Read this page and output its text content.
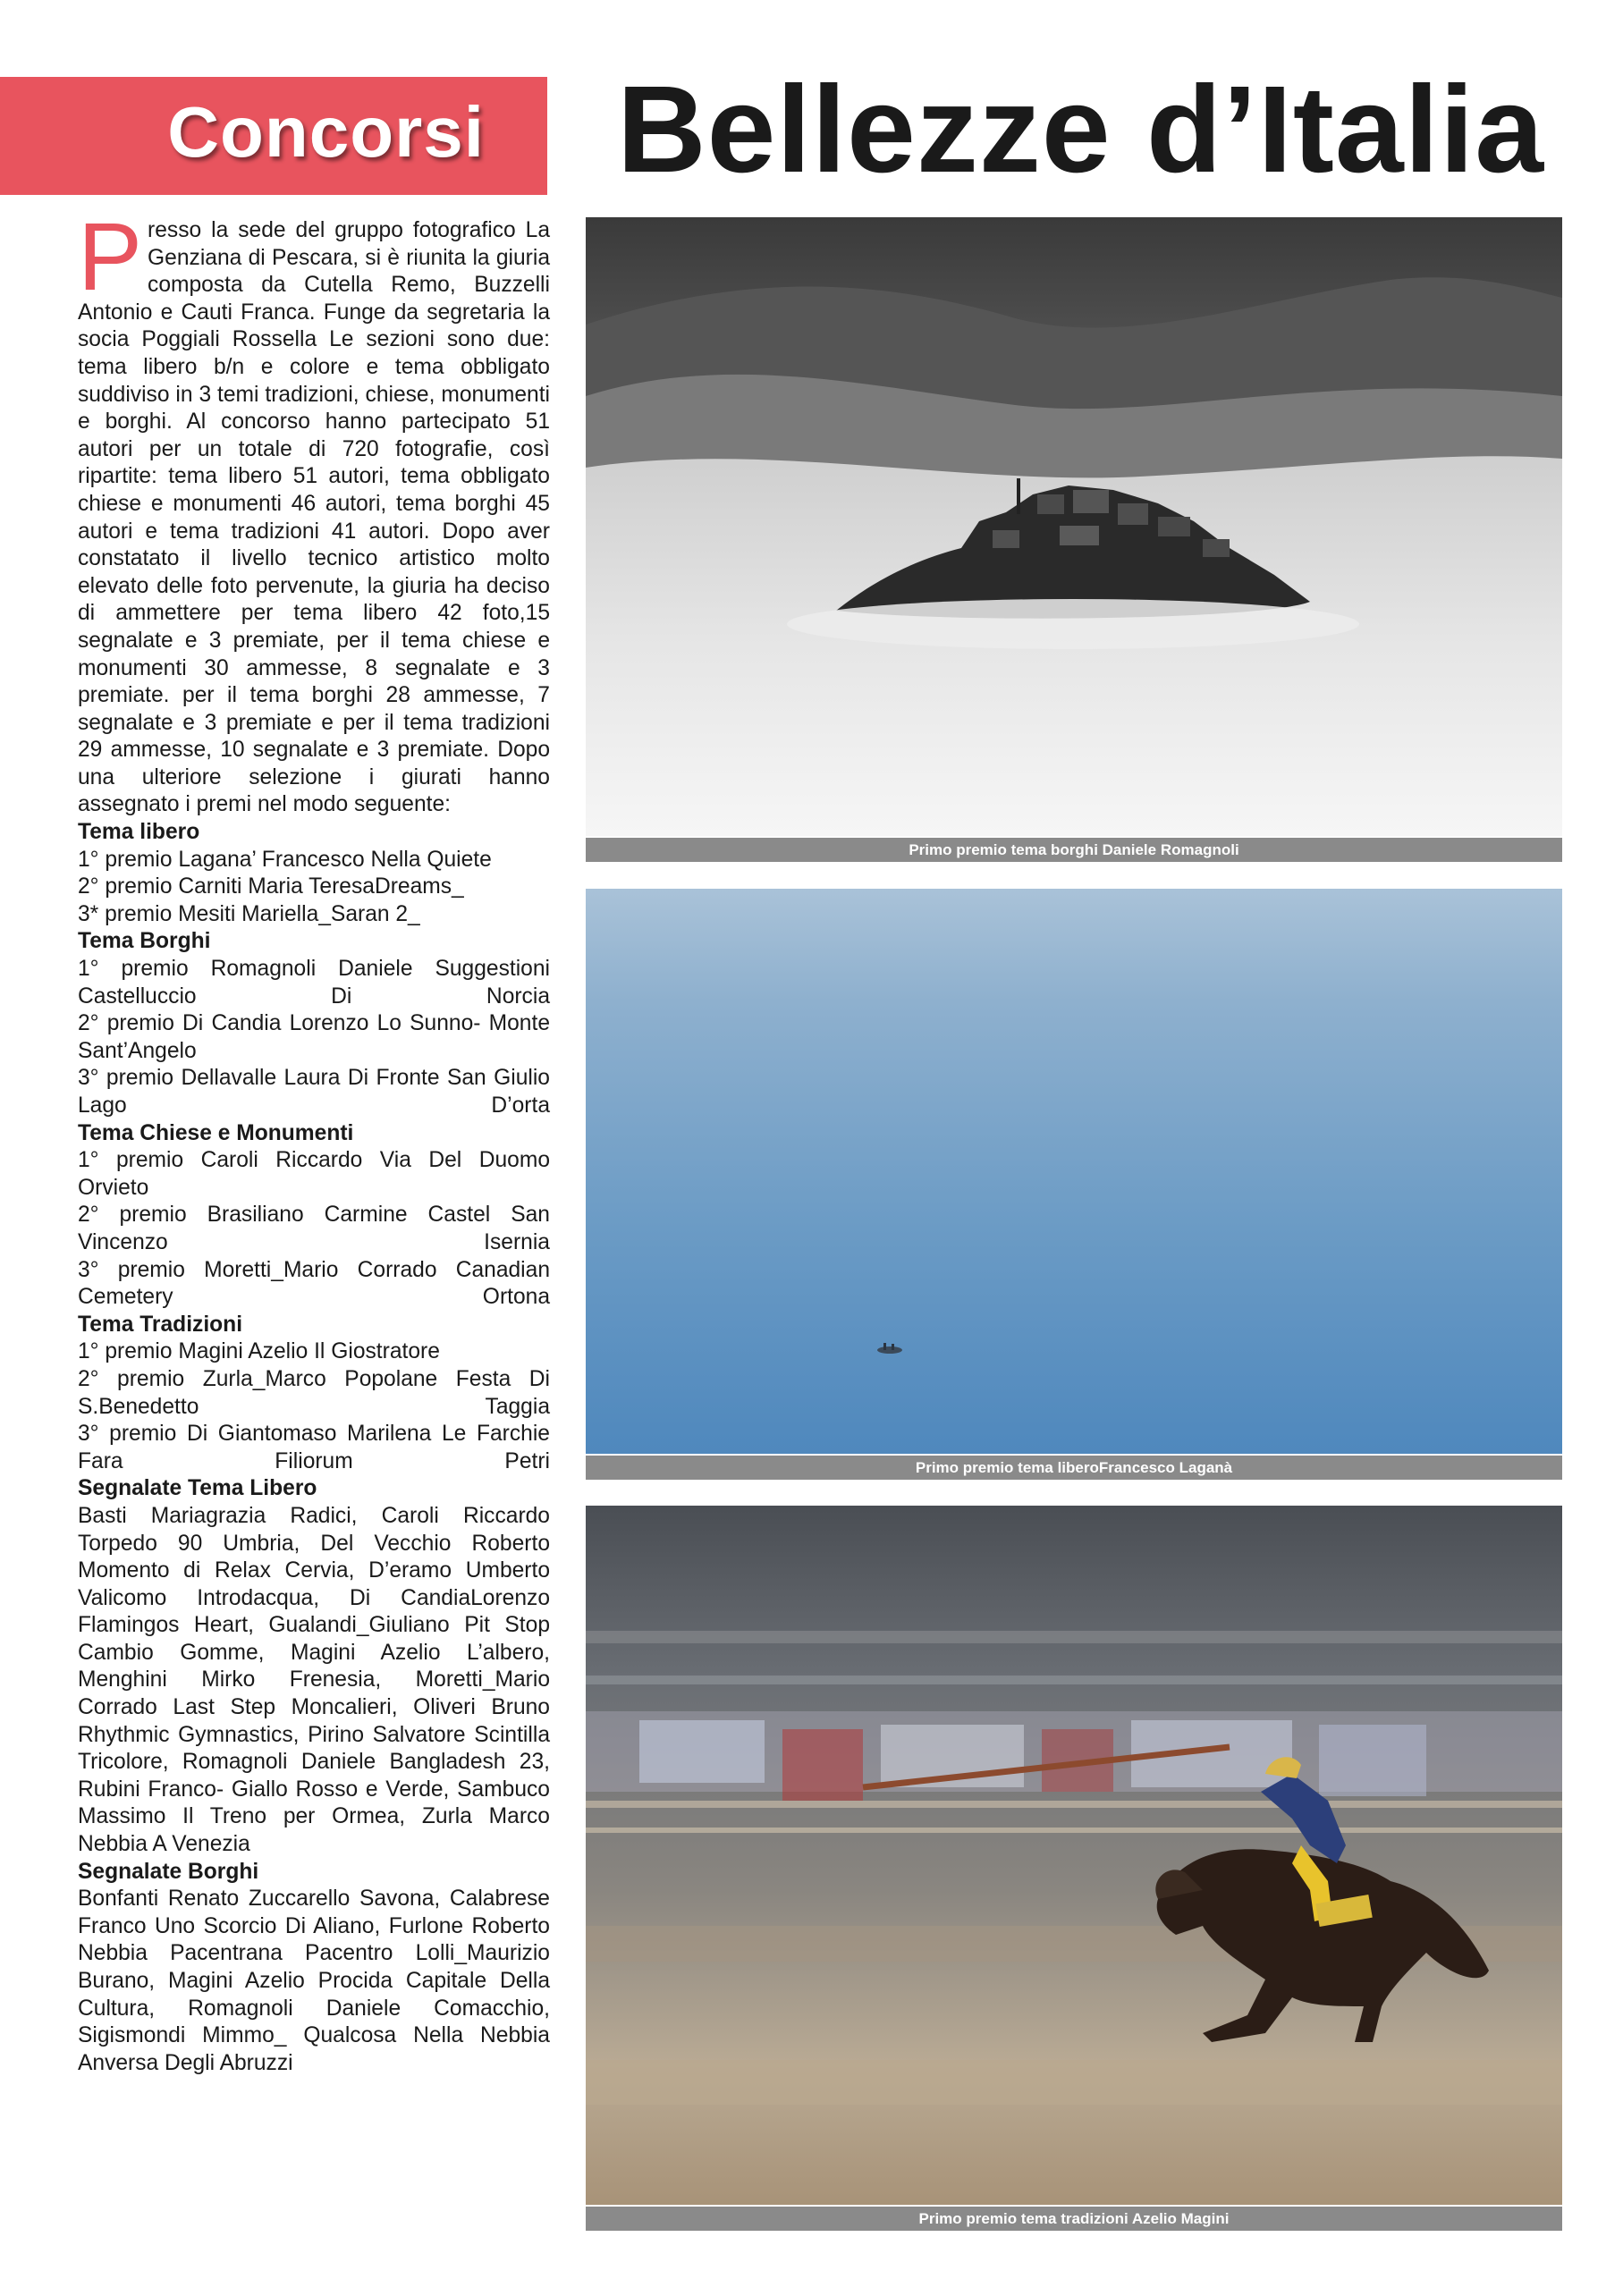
Concorsi Bellezze d’Italia

Presso la sede del gruppo fotografico La Genziana di Pescara, si è riunita la giuria composta da Cutella Remo, Buzzelli Antonio e Cauti Franca. Funge da segretaria la socia Poggiali Rossella Le sezioni sono due: tema libero b/n e colore e tema obbligato suddiviso in 3 temi tradizioni, chiese, monumenti e borghi. Al concorso hanno partecipato 51 autori per un totale di 720 fotografie, così ripartite: tema libero 51 autori, tema obbligato chiese e monumenti 46 autori, tema borghi 45 autori e tema tradizioni 41 autori. Dopo aver constatato il livello tecnico artistico molto elevato delle foto pervenute, la giuria ha deciso di ammettere per tema libero 42 foto,15 segnalate e 3 premiate, per il tema chiese e monumenti 30 ammesse, 8 segnalate e 3 premiate. per il tema borghi 28 ammesse, 7 segnalate e 3 premiate e per il tema tradizioni 29 ammesse, 10 segnalate e 3 premiate. Dopo una ulteriore selezione i giurati hanno assegnato i premi nel modo seguente:

Tema libero
1° premio Lagana’ Francesco Nella Quiete
2° premio Carniti Maria TeresaDreams_
3* premio Mesiti Mariella_Saran 2_
Tema Borghi
1° premio Romagnoli Daniele Suggestioni Castelluccio Di Norcia
2° premio Di Candia Lorenzo Lo Sunno- Monte Sant’Angelo
3° premio Dellavalle Laura Di Fronte San Giulio Lago D’orta
Tema Chiese e Monumenti
1° premio Caroli Riccardo Via Del Duomo Orvieto
2° premio Brasiliano Carmine Castel San Vincenzo Isernia
3° premio Moretti_Mario Corrado Canadian Cemetery Ortona
Tema Tradizioni
1° premio Magini Azelio Il Giostratore
2° premio Zurla_Marco Popolane Festa Di S.Benedetto Taggia
3° premio Di Giantomaso Marilena Le Farchie Fara Filiorum Petri
Segnalate Tema Libero

Basti Mariagrazia Radici, Caroli Riccardo Torpedo 90 Umbria, Del Vecchio Roberto Momento di Relax Cervia, D’eramo Umberto Valicomo Introdacqua, Di CandiaLorenzo Flamingos Heart, Gualandi_Giuliano Pit Stop Cambio Gomme, Magini Azelio L’albero, Menghini Mirko Frenesia, Moretti_Mario Corrado Last Step Moncalieri, Oliveri Bruno Rhythmic Gymnastics, Pirino Salvatore Scintilla Tricolore, Romagnoli Daniele Bangladesh 23, Rubini Franco- Giallo Rosso e Verde, Sambuco Massimo Il Treno per Ormea, Zurla Marco Nebbia A Venezia

Segnalate Borghi

Bonfanti Renato Zuccarello Savona, Calabrese Franco Uno Scorcio Di Aliano, Furlone Roberto Nebbia Pacentrana Pacentro Lolli_Maurizio Burano, Magini Azelio Procida Capitale Della Cultura, Romagnoli Daniele Comacchio, Sigismondi Mimmo_ Qualcosa Nella Nebbia Anversa Degli Abruzzi

Primo premio tema borghi Daniele Romagnoli
Primo premio tema liberoFrancesco Laganà
Primo premio tema tradizioni Azelio Magini
